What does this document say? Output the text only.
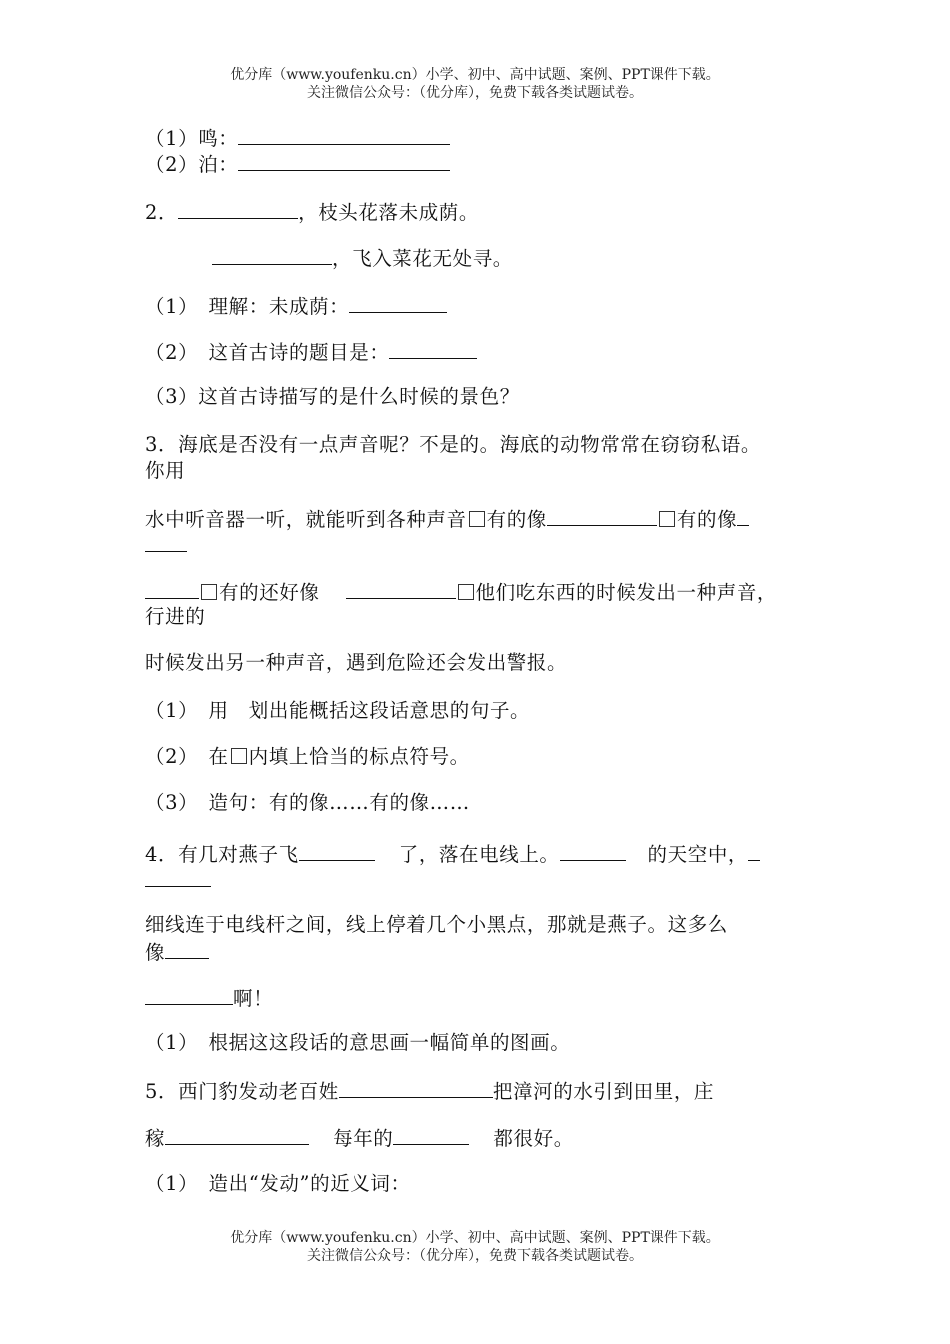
优分库（www.youfenku.cn）小学、初中、高中试题、案例、PPT课件下载。
关注微信公众号：（优分库），免费下载各类试题试卷。
（1）鸣：
（2）泊：
2．	，枝头花落未成荫。
，飞入菜花无处寻。
（1）　理解：未成荫：
（2）　这首古诗的题目是：
（3）这首古诗描写的是什么时候的景色？
3．海底是否没有一点声音呢？不是的。海底的动物常常在窃窃私语。
你用
水中听音器一听，就能听到各种声音 有的像	有的像
有的还好像	他们吃东西的时候发出一种声音，
行进的
时候发出另一种声音，遇到危险还会发出警报。
（1）　用　划出能概括这段话意思的句子。
（2）　在 内填上恰当的标点符号。
（3）　造句：有的像……有的像……
4．有几对燕子飞	了，落在电线上。	的天空中，
细线连于电线杆之间，线上停着几个小黑点，那就是燕子。这多么
像
啊！
（1）　根据这这段话的意思画一幅简单的图画。
5．西门豹发动老百姓	把漳河的水引到田里，庄
稼	每年的	都很好。
（1）　造出“发动”的近义词：
优分库（www.youfenku.cn）小学、初中、高中试题、案例、PPT课件下载。
关注微信公众号：（优分库），免费下载各类试题试卷。
